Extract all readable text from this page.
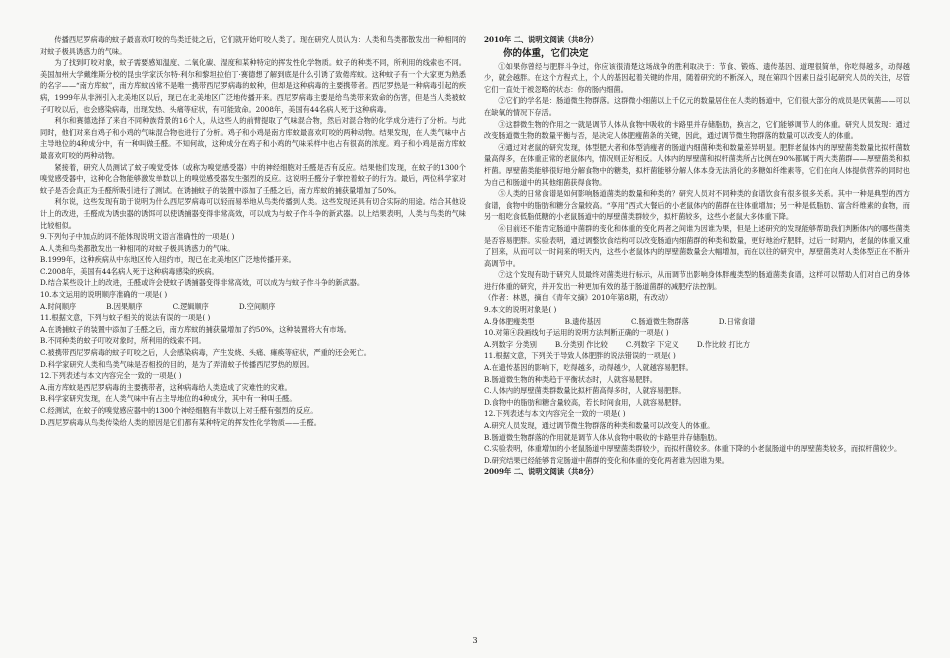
传播西尼罗病毒的蚊子最喜欢叮咬的鸟类迁徙之后，它们就开始叮咬人类了。现在研究人员认为：人类和鸟类都散发出一种相同的对蚊子极具诱惑力的气味。

为了找到叮咬对象，蚊子需要感知温度、二氧化碳、湿度和某种特定的挥发性化学物质。蚊子的种类不同，所利用的线索也不同。美国加州大学戴维斯分校的昆虫学家沃尔特·利尔和黎坦拉伯丁·赛德想了解到底是什么引诱了致倦库蚊。这种蚊子有一个大家更为熟悉的名字——“南方库蚊”，南方库蚊凶常不是唯一携带西尼罗病毒的蚊种，但却是这种病毒的主要携带者。西尼罗热是一种病毒引起的疾病，1999年从非洲引入北美地区以后，现已在北美地区广泛地传播开来。西尼罗病毒主要是给鸟类带来致命的伤害，但是当人类被蚊子叮咬以后，也会感染病毒，出现发热、头痛等症状，有可能致命。2008年，美国有44名病人死于这种病毒。

利尔和赛德选择了来自不同种族背景的16个人，从这些人的前臂提取了气味混合物，然后对混合物的化学成分进行了分析。与此同时，他们对来自鸡子和小鸡的气味混合物也进行了分析。鸡子和小鸡是南方库蚊最喜欢叮咬的两种动物。结果发现，在人类气味中占主导地位的4种成分中，有一种叫做壬醛。不知何故，这种成分在鸡子和小鸡的气味采样中也占有很高的浓度。鸡子和小鸡是南方库蚊最喜欢叮咬的两种动物。

紧接着，研究人员测试了蚊子嗅觉受体（或称为嗅觉感受器）中的神经细胞对壬醛是否有反应。结果他们发现，在蚊子的1300个嗅觉感受器中，这种化合物能够激发单数以上的嗅觉感受器发生强烈的反应。这说明壬醛分子掌控着蚊子的行为。最后，两位科学家对蚊子是否会真正为壬醛所吸引进行了测试。在诱捕蚊子的装置中添加了壬醛之后，南方库蚊的捕获量增加了50%。

利尔说，这些发现有助于说明为什么西尼罗病毒可以轻而易举地从鸟类传播到人类。这些发现还具有切合实际的用途。结合其他设计上的改进，壬醛成为诱虫器的诱饵可以使诱捕器变得非常高效，可以成为与蚊子作斗争的新武器。以上结果表明，人类与鸟类的气味比较相似。

9.下列句子中加点的词不能体现说明文语言准确性的一项是( )

A.人类和鸟类都散发出一种相同的对蚊子极具诱惑力的气味。

B.1999年，这种疾病从中东地区传入纽约市，现已在北美地区广泛地传播开来。

C.2008年，美国有44名病人死于这种病毒感染的疾病。

D.结合某些设计上的改进，壬醛或许会使蚊子诱捕器变得非常高效，可以成为与蚊子作斗争的新武器。

10.本文运用的说明顺序准确的一项是( )

A.时间顺序	B.因果顺序	C.逻辑顺序	D.空间顺序

11.根据文意，下列与蚊子相关的说法有误的一项是( )

A.在诱捕蚊子的装置中添加了壬醛之后，南方库蚊的捕获量增加了约50%，这种装置将大有市场。

B.不同种类的蚊子叮咬对象时，所利用的线索不同。

C.被携带西尼罗病毒的蚊子叮咬之后，人会感染病毒，产生发烧、头痛、瘫痪等症状，严重的还会死亡。

D.科学家研究人类和鸟类气味是否相投的目的，是为了弄清蚊子传播西尼罗热的原因。

12.下列表述与本文内容完全一致的一项是( )

A.南方库蚊是西尼罗病毒的主要携带者，这种病毒给人类造成了灾难性的灾难。

B.科学家研究发现，在人类气味中有占主导地位的4种成分，其中有一种叫壬醛。

C.经测试，在蚊子的嗅觉感应器中的1300个神经细胞有半数以上对壬醛有强烈的反应。

D.西尼罗病毒从鸟类传染给人类的原因是它们都有某种特定的挥发性化学物质——壬醛。

2010年 二、说明文阅读（共8分）

你的体重，它们决定

①如果你曾经与肥胖斗争过，你应该很清楚这场战争的胜利取决于：节食、锻炼、遗传基因、道理很简单，你吃得越多，动得越少，就会越胖。在这个方程式上，个人的基因起着关键的作用，随着研究的不断深入，现在第四个因素日益引起研究人员的关注，尽管它们一直处于被忽略的状态：你的肠内细菌。

②它们的学名是：肠道微生物群落。这群微小细菌以上千亿元的数量居住在人类的肠道中，它们很大部分的成员是厌氧菌——可以在缺氧的情况下存活。

③这群微生物的作用之一就是调节人体从食物中吸收的卡路里并存储脂肪，换言之，它们能够调节人的体重。研究人员发现：通过改变肠道微生物的数量平衡与否，是决定人体肥瘦菌条的关键，因此，通过调节微生物群落的数量可以改变人的体重。

④通过对老鼠的研究发现，体型肥大者和体型消瘦者的肠道内细菌种类和数量差异明显。肥胖老鼠体内的厚壁菌类数量比拟杆菌数量高得多，在体重正常的老鼠体内，情况则正好相反。人体内的厚壁菌和拟杆菌类所占比例在90%都属于两大类菌群——厚壁菌类和拟杆菌。厚壁菌类能够很好地分解食物中的糖类，拟杆菌能够分解人体本身无法消化的多糖如纤维素等，它们在向人体提供营养的同时也为自己和肠道中的其他细菌获得食物。

⑤人类的日常食谱是如何影响肠道菌类的数量和种类的？研究人员对不同种类的食谱饮食有很多很多关系。其中一种是典型的西方食谱，食物中的脂肪和糖分含量较高。“享用”西式大餐后的小老鼠体内的菌群在往体重增加；另一种是低脂肪、富含纤维素的食物，而另一组吃食低脂低糖的小老鼠肠道中的厚壁菌类群较少，拟杆菌较多，这些小老鼠大多体重下降。

⑥目前还不能肯定肠道中菌群的变化和体重的变化两者之间谁为因谁为果，但是上述研究的发现能够帮助我们判断体内的哪些菌类是否容易肥胖。实验表明，通过调整饮食结构可以改变肠道内细菌群的种类和数量，更好地治疗肥胖，过后一时期内，老鼠的体重又重了回来，从而可以一时间来的明天内，这些小老鼠体内的厚壁菌数量会大幅增加，而在以往的研究中，厚壁菌类对人类体型正在不断升高调节中。

⑦这个发现有助于研究人员最终对菌类进行标示，从而调节出影响身体胖瘦类型的肠道菌类食谱，这样可以帮助人们对自己的身体进行体重的研究，并开发出一种更加有效的基于肠道菌群的减肥疗法控制。

（作者：林恩，摘自《青年文摘》2010年第8期，有改动）

9.本文的说明对象是( )

A.身体肥瘦类型	B.遗传基因	C.肠道微生物群落	D.日常食谱

10.对第④段画线句子运用的说明方法判断正确的一项是( )

A.列数字 分类别	B.分类别 作比较	C.列数字 下定义	D.作比较 打比方

11.根据文意，下列关于导致人体肥胖的说法错误的一项是( )

A.在遗传基因的影响下，吃得越多，动得越少，人就越容易肥胖。

B.肠道微生物的种类趋于平衡状态时，人就容易肥胖。

C.人体内的厚壁菌类群数量比拟杆菌高得多时，人就容易肥胖。

D.食物中的脂肪和糖含量较高，若长时间食用，人就容易肥胖。

12.下列表述与本文内容完全一致的一项是( )

A.研究人员发现，通过调节微生物群落的种类和数量可以改变人的体重。

B.肠道微生物群落的作用就是调节人体从食物中吸收的卡路里并存储脂肪。

C.实验表明，体重增加的小老鼠肠道中厚壁菌类群较少，而拟杆菌较多。体重下降的小老鼠肠道中的厚壁菌类较多，而拟杆菌较少。

D.研究结果已经能够肯定肠道中菌群的变化和体重的变化两者谁为因谁为果。

2009年 二、说明文阅读（共8分）

3
